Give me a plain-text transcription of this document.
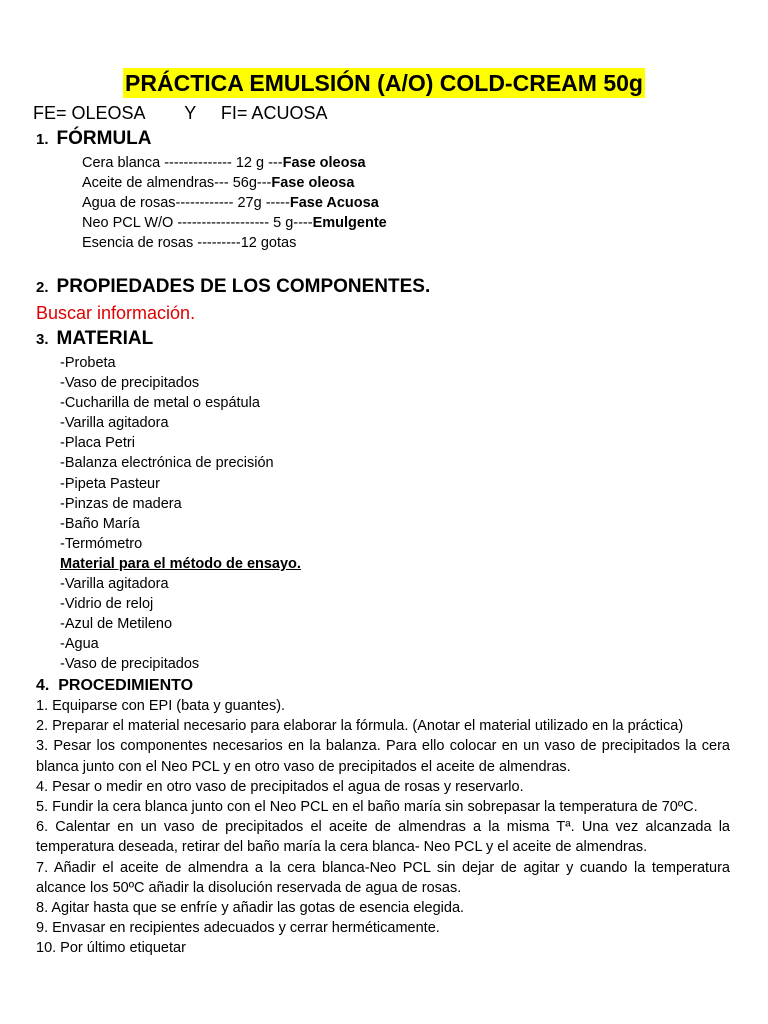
PRÁCTICA EMULSIÓN (A/O) COLD-CREAM 50g
FE= OLEOSA        Y     FI= ACUOSA
1. FÓRMULA
Cera blanca -------------- 12 g ---Fase oleosa
Aceite de almendras--- 56g---Fase oleosa
Agua de rosas------------ 27g -----Fase Acuosa
Neo PCL W/O ------------------- 5 g----Emulgente
Esencia de rosas ---------12 gotas
2. PROPIEDADES DE LOS COMPONENTES.
Buscar información.
3. MATERIAL
-Probeta
-Vaso de precipitados
-Cucharilla de metal o espátula
-Varilla agitadora
-Placa Petri
-Balanza electrónica de precisión
-Pipeta Pasteur
-Pinzas de madera
-Baño María
-Termómetro
Material para el método de ensayo.
-Varilla agitadora
-Vidrio de reloj
-Azul de Metileno
-Agua
-Vaso de precipitados
4. PROCEDIMIENTO

1. Equiparse con EPI (bata y guantes).

2. Preparar el material necesario para elaborar la fórmula. (Anotar el material utilizado en la práctica)

3. Pesar los componentes necesarios en la balanza. Para ello colocar en un vaso de precipitados la cera blanca junto con el Neo PCL y en otro vaso de precipitados el aceite de almendras.

4. Pesar o medir en otro vaso de precipitados el agua de rosas y reservarlo.

5. Fundir la cera blanca junto con el Neo PCL en el baño maría sin sobrepasar la temperatura de 70ºC.

6. Calentar en un vaso de precipitados el aceite de almendras a la misma Tª. Una vez alcanzada la temperatura deseada, retirar del baño maría la cera blanca- Neo PCL y el aceite de almendras.

7. Añadir el aceite de almendra a la cera blanca-Neo PCL sin dejar de agitar y cuando la temperatura alcance los 50ºC añadir la disolución reservada de agua de rosas.

8. Agitar hasta que se enfríe y añadir las gotas de esencia elegida.

9. Envasar en recipientes adecuados y cerrar herméticamente.

10. Por último etiquetar
